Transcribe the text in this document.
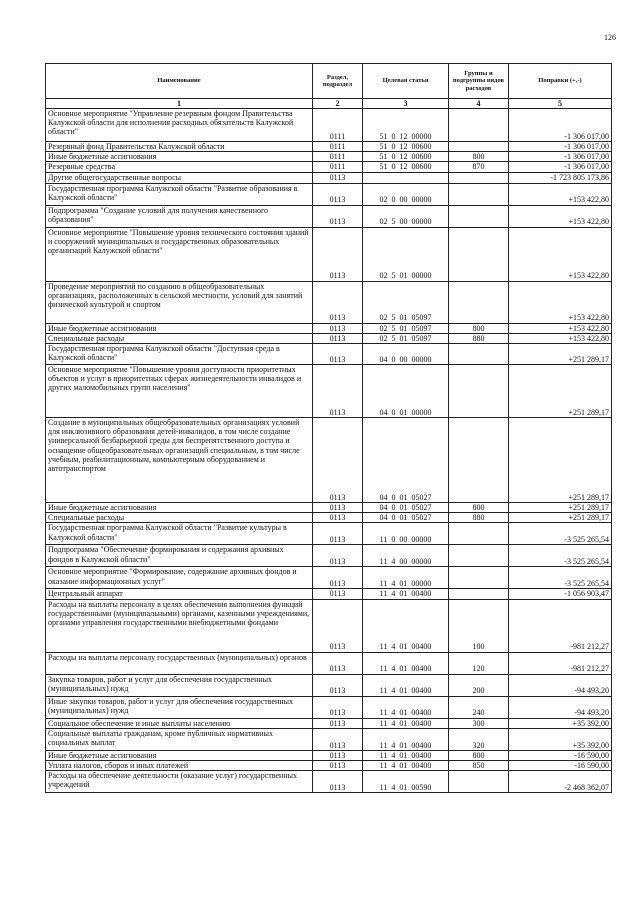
126
·
Наименование	Раздел, подраздел	Целевая статья	Группы и подгруппы видов расходов	Поправки (+,-)
1	2	3	4	5
Основное мероприятие "Управление резервным фондом Правительства Калужской области для исполнения расходных обязательств Калужской области"	0111	51  0  12  00000		-1 306 017,00
Резервный фонд Правительства Калужской области	0111	51  0  12  00600		-1 306 017,00
Иные бюджетные ассигнования	0111	51  0  12  00600	800	-1 306 017,00
Резервные средства	0111	51  0  12  00600	870	-1 306 017,00
Другие общегосударственные вопросы	0113			-1 723 805 173,86
Государственная программа Калужской области "Развитие образования в Калужской области"	0113	02  0  00  00000		+153 422,80
Подпрограмма "Создание условий для получения качественного образования"	0113	02  5  00  00000		+153 422,80
Основное мероприятие "Повышение уровня технического состояния зданий и сооружений муниципальных и государственных образовательных организаций Калужской области"	0113	02  5  01  00000		+153 422,80
Проведение мероприятий по созданию в общеобразовательных организациях, расположенных в сельской местности, условий для занятий физической культурой и спортом	0113	02  5  01  05097		+153 422,80
Иные бюджетные ассигнования	0113	02  5  01  05097	800	+153 422,80
Специальные расходы	0113	02  5  01  05097	880	+153 422,80
Государственная программа Калужской области "Доступная среда в Калужской области"	0113	04  0  00  00000		+251 289,17
Основное мероприятие "Повышение уровня доступности приоритетных объектов и услуг в приоритетных сферах жизнедеятельности инвалидов и других маломобильных групп населения"	0113	04  0  01  00000		+251 289,17
Создание в муниципальных общеобразовательных организациях условий для инклюзивного образования детей-инвалидов, в том числе создание универсальной безбарьерной среды для беспрепятственного доступа и оснащение общеобразовательных организаций специальным, в том числе учебным, реабилитационным, компьютерным оборудованием и автотранспортом	0113	04  0  01  05027		+251 289,17
Иные бюджетные ассигнования	0113	04  0  01  05027	800	+251 289,17
Специальные расходы	0113	04  0  01  05027	880	+251 289,17
Государственная программа Калужской области "Развитие культуры в Калужской области"	0113	11  0  00  00000		-3 525 265,54
Подпрограмма "Обеспечение формирования и содержания архивных фондов в Калужской области"	0113	11  4  00  00000		-3 525 265,54
Основное мероприятие "Формирование, содержание архивных фондов и оказание информационных услуг"	0113	11  4  01  00000		-3 525 265,54
Центральный аппарат	0113	11  4  01  00400		-1 056 903,47
Расходы на выплаты персоналу в целях обеспечения выполнения функций государственными (муниципальными) органами, казенными учреждениями, органами управления государственными внебюджетными фондами	0113	11  4  01  00400	100	-981 212,27
Расходы на выплаты персоналу государственных (муниципальных) органов	0113	11  4  01  00400	120	-981 212,27
Закупка товаров, работ и услуг для обеспечения государственных (муниципальных) нужд	0113	11  4  01  00400	200	-94 493,20
Иные закупки товаров, работ и услуг для обеспечения государственных (муниципальных) нужд	0113	11  4  01  00400	240	-94 493,20
Социальное обеспечение и иные выплаты населению	0113	11  4  01  00400	300	+35 392,00
Социальные выплаты гражданам, кроме публичных нормативных социальных выплат	0113	11  4  01  00400	320	+35 392,00
Иные бюджетные ассигнования	0113	11  4  01  00400	800	-16 590,00
Уплата налогов, сборов и иных платежей	0113	11  4  01  00400	850	-16 590,00
Расходы на обеспечение деятельности (оказание услуг) государственных учреждений	0113	11  4  01  00590		-2 468 362,07
